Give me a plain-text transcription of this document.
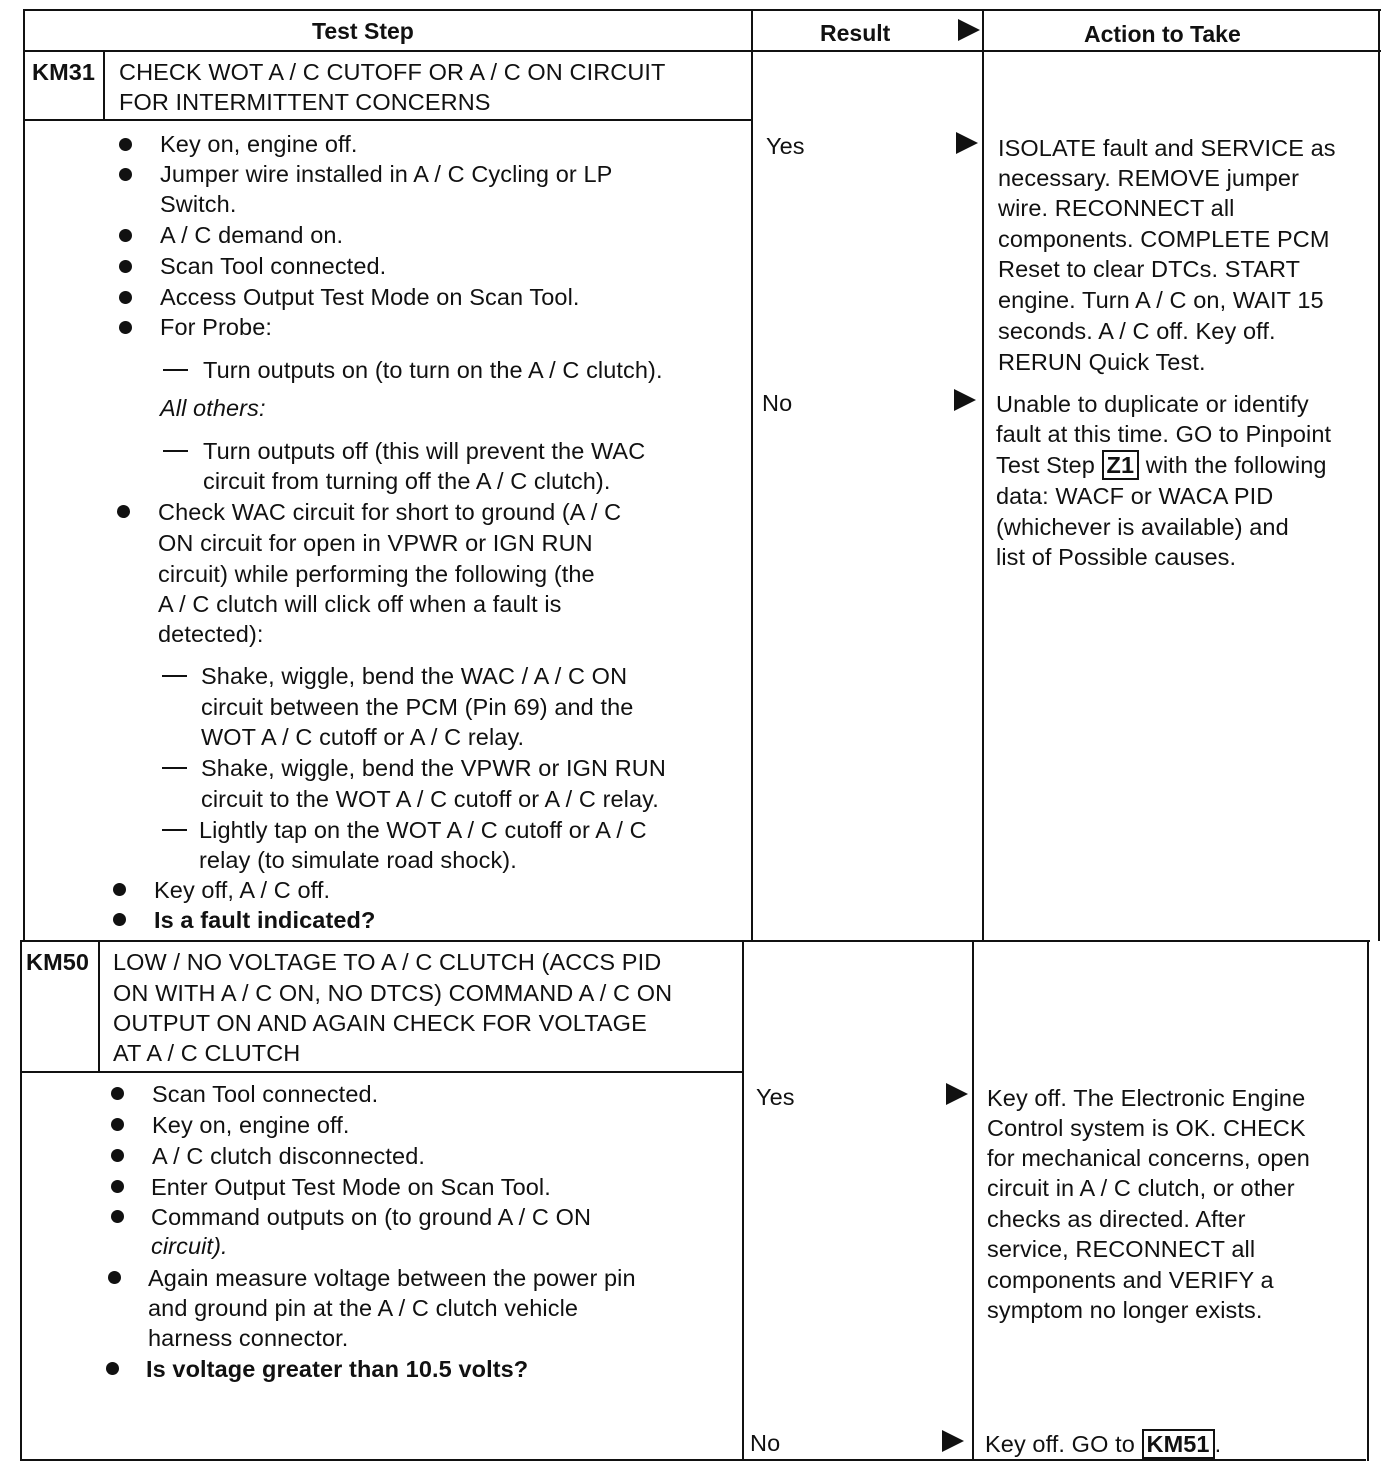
Test Step	Result	Action to Take
KM31 CHECK WOT A / C CUTOFF OR A / C ON CIRCUIT
FOR INTERMITTENT CONCERNS
Key on, engine off.
Jumper wire installed in A / C Cycling or LP
Switch.
A / C demand on.
Scan Tool connected.
Access Output Test Mode on Scan Tool.
For Probe:
Turn outputs on (to turn on the A / C clutch).
All others:
Turn outputs off (this will prevent the WAC
circuit from turning off the A / C clutch).
Check WAC circuit for short to ground (A / C
ON circuit for open in VPWR or IGN RUN
circuit) while performing the following (the
A / C clutch will click off when a fault is
detected):
Shake, wiggle, bend the WAC / A / C ON
circuit between the PCM (Pin 69) and the
WOT A / C cutoff or A / C relay.
Shake, wiggle, bend the VPWR or IGN RUN
circuit to the WOT A / C cutoff or A / C relay.
Lightly tap on the WOT A / C cutoff or A / C
relay (to simulate road shock).
Key off, A / C off.
Is a fault indicated?
Yes
No
ISOLATE fault and SERVICE as
necessary. REMOVE jumper
wire. RECONNECT all
components. COMPLETE PCM
Reset to clear DTCs. START
engine. Turn A / C on, WAIT 15
seconds. A / C off. Key off.
RERUN Quick Test.
Unable to duplicate or identify
fault at this time. GO to Pinpoint
Test Step Z1 with the following
data: WACF or WACA PID
(whichever is available) and
list of Possible causes.
KM50 LOW / NO VOLTAGE TO A / C CLUTCH (ACCS PID
ON WITH A / C ON, NO DTCS) COMMAND A / C ON
OUTPUT ON AND AGAIN CHECK FOR VOLTAGE
AT A / C CLUTCH
Scan Tool connected.
Key on, engine off.
A / C clutch disconnected.
Enter Output Test Mode on Scan Tool.
Command outputs on (to ground A / C ON
circuit).
Again measure voltage between the power pin
and ground pin at the A / C clutch vehicle
harness connector.
Is voltage greater than 10.5 volts?
Yes
No
Key off. The Electronic Engine
Control system is OK. CHECK
for mechanical concerns, open
circuit in A / C clutch, or other
checks as directed. After
service, RECONNECT all
components and VERIFY a
symptom no longer exists.
Key off. GO to KM51 .
